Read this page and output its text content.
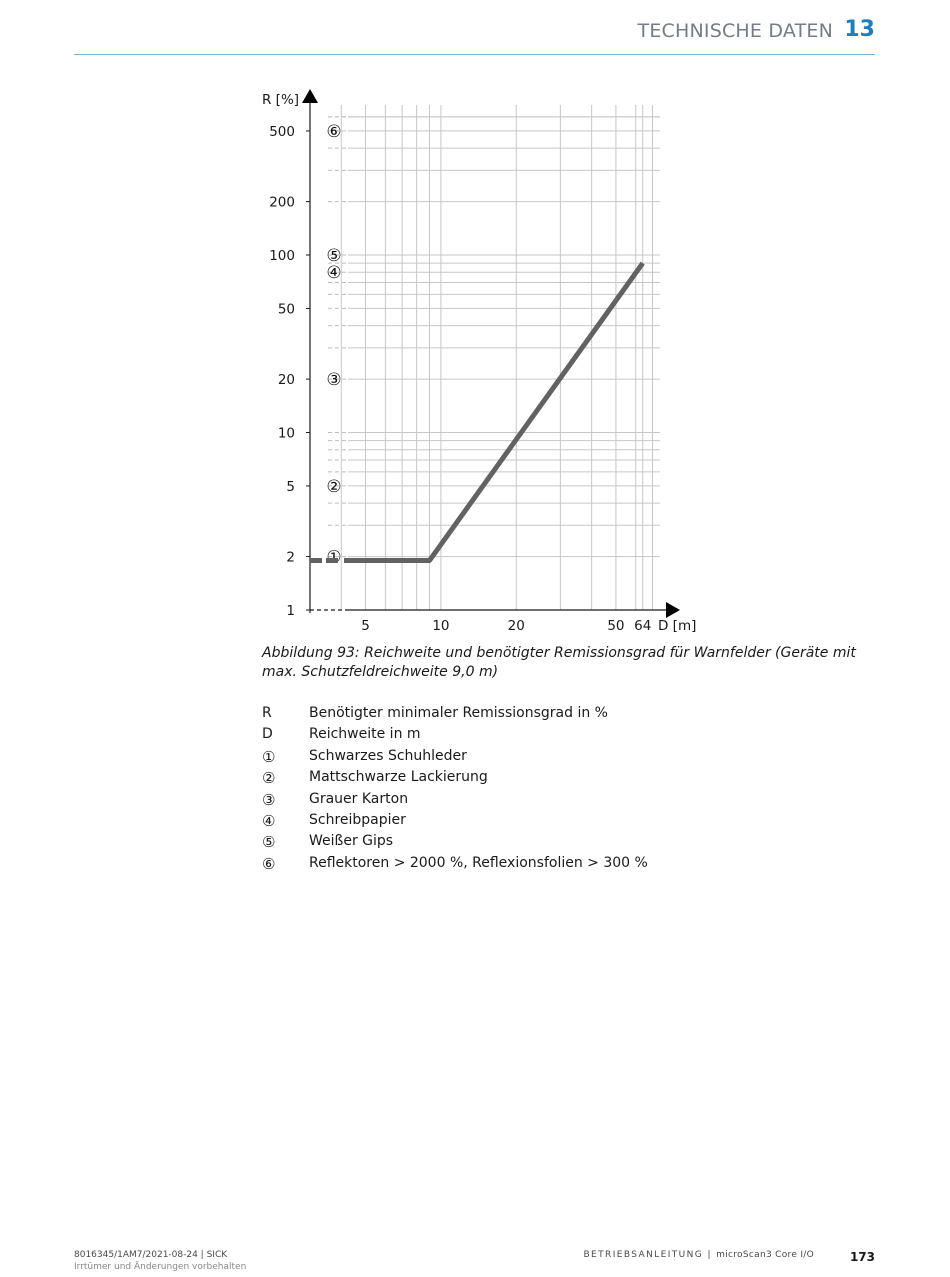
TECHNISCHE DATEN 13
1
2
5
10
20
50
100
200
500
5	10	20	50 64
R [%]
D [m]
①
②
③
④
⑤
⑥
Abbildung 93: Reichweite und benötigter Remissionsgrad für Warnfelder (Geräte mit max. Schutzfeldreichweite 9,0 m)
R	Benötigter minimaler Remissionsgrad in %
D	Reichweite in m
①	Schwarzes Schuhleder
②	Mattschwarze Lackierung
③	Grauer Karton
④	Schreibpapier
⑤	Weißer Gips
⑥	Reflektoren > 2000 %, Reflexionsfolien > 300 %
8016345/1AM7/2021-08-24 | SICK
Irrtümer und Änderungen vorbehalten
BETRIEBSANLEITUNG | microScan3 Core I/O	173
